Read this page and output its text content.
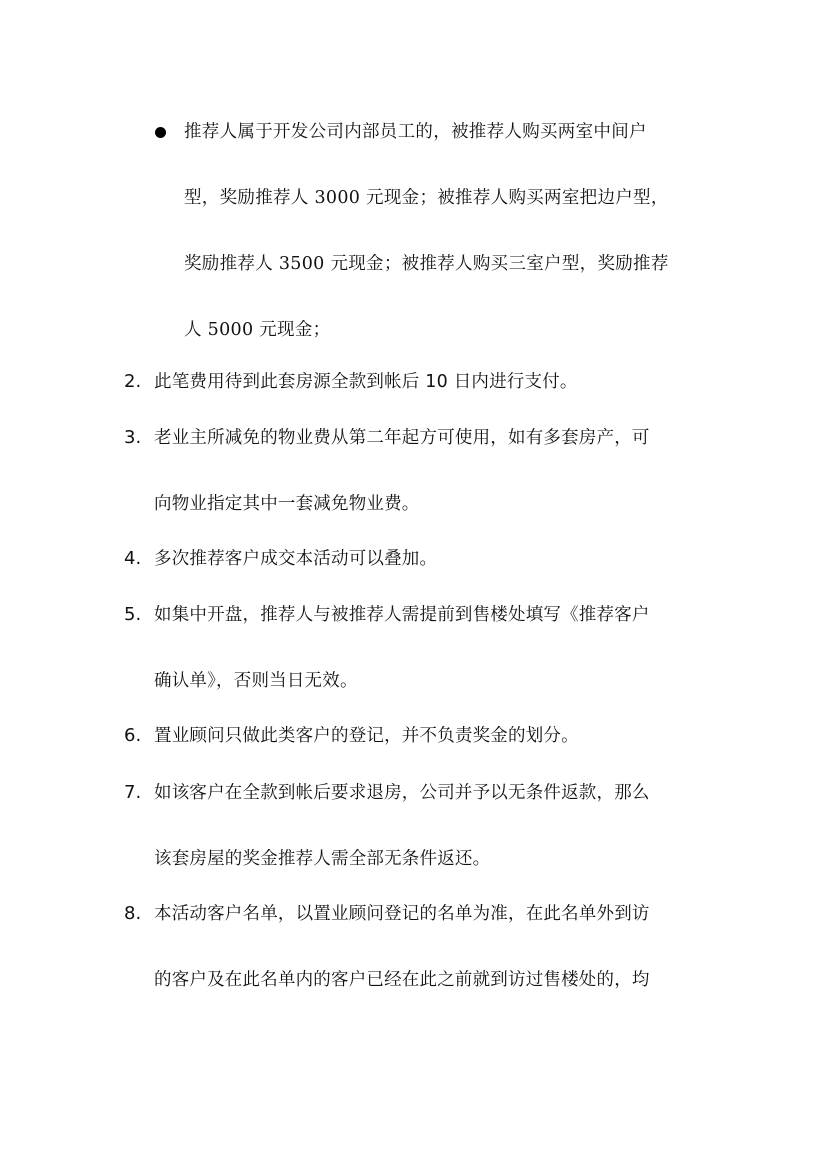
推荐人属于开发公司内部员工的，被推荐人购买两室中间户
型，奖励推荐人 3000 元现金；被推荐人购买两室把边户型，
奖励推荐人 3500 元现金；被推荐人购买三室户型，奖励推荐
人 5000 元现金；
2. 此笔费用待到此套房源全款到帐后 10 日内进行支付。
3. 老业主所减免的物业费从第二年起方可使用，如有多套房产，可
向物业指定其中一套减免物业费。
4. 多次推荐客户成交本活动可以叠加。
5. 如集中开盘，推荐人与被推荐人需提前到售楼处填写《推荐客户
确认单》，否则当日无效。
6. 置业顾问只做此类客户的登记，并不负责奖金的划分。
7. 如该客户在全款到帐后要求退房，公司并予以无条件返款，那么
该套房屋的奖金推荐人需全部无条件返还。
8. 本活动客户名单，以置业顾问登记的名单为准，在此名单外到访
的客户及在此名单内的客户已经在此之前就到访过售楼处的，均
